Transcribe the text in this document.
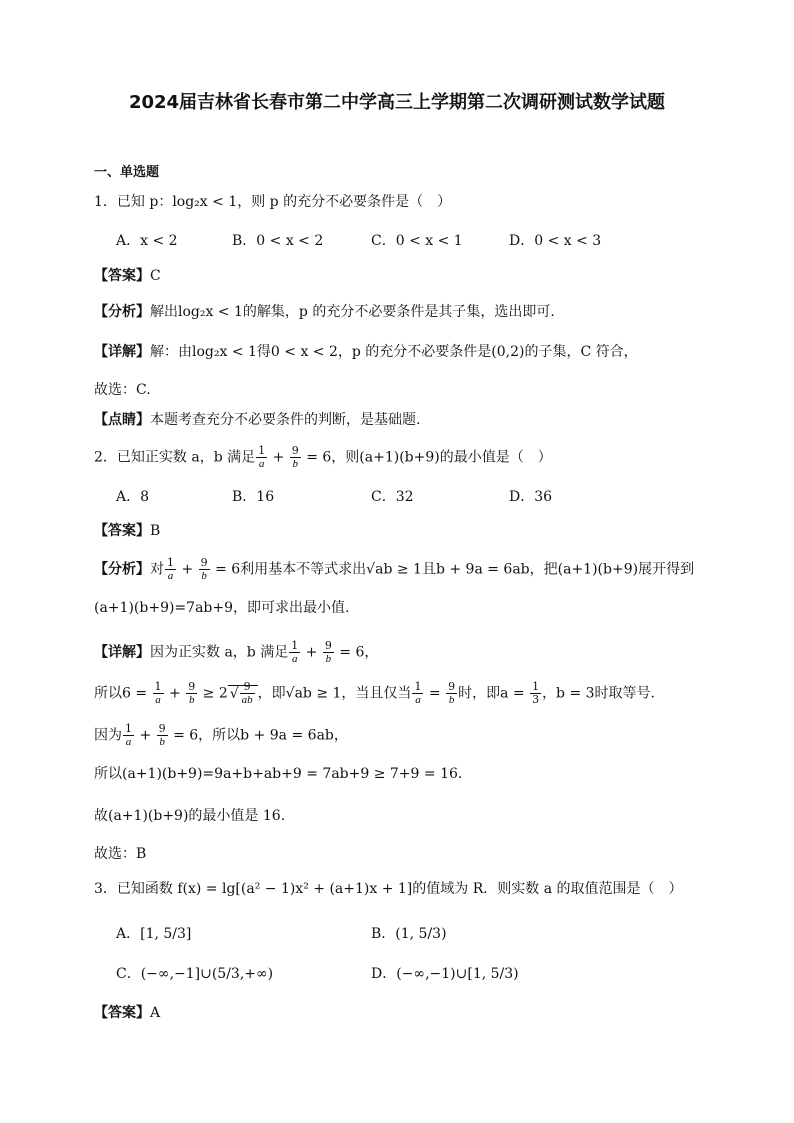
2024届吉林省长春市第二中学高三上学期第二次调研测试数学试题
一、单选题
1．已知 p：log₂x < 1，则 p 的充分不必要条件是（　）
A．x < 2	B．0 < x < 2	C．0 < x < 1	D．0 < x < 3
【答案】C
【分析】解出log₂x < 1的解集，p 的充分不必要条件是其子集，选出即可.
【详解】解：由log₂x < 1得0 < x < 2，p 的充分不必要条件是(0,2)的子集，C 符合，
故选：C.
【点睛】本题考查充分不必要条件的判断，是基础题.
2．已知正实数 a，b 满足 $\frac{1}{a} + \frac{9}{b} = 6$，则(a+1)(b+9)的最小值是（　）
A．8	B．16	C．32	D．36
【答案】B
【分析】对 $\frac{1}{a} + \frac{9}{b} = 6$利用基本不等式求出√ab ≥ 1且b + 9a = 6ab，把(a+1)(b+9)展开得到
(a+1)(b+9)=7ab+9，即可求出最小值.
【详解】因为正实数 a，b 满足 $\frac{1}{a} + \frac{9}{b} = 6$，
所以$6 = \frac{1}{a} + \frac{9}{b} \ge 2$ √ $\frac{9}{ab}$ ，即√ab ≥ 1，当且仅当 $\frac{1}{a} = \frac{9}{b}$ 时，即$a = \frac{1}{3}$ ，b = 3时取等号.
因为 $\frac{1}{a} + \frac{9}{b} = 6$，所以b + 9a = 6ab，
所以(a+1)(b+9)=9a+b+ab+9 = 7ab+9 ≥ 7+9 = 16.
故(a+1)(b+9)的最小值是 16.
故选：B
3．已知函数 f(x) = lg[(a² − 1)x² + (a+1)x + 1]的值域为 R．则实数 a 的取值范围是（　）
A．[1, 5/3]	B．(1, 5/3)
C．(−∞,−1]∪(5/3,+∞)	D．(−∞,−1)∪[1, 5/3)
【答案】A
